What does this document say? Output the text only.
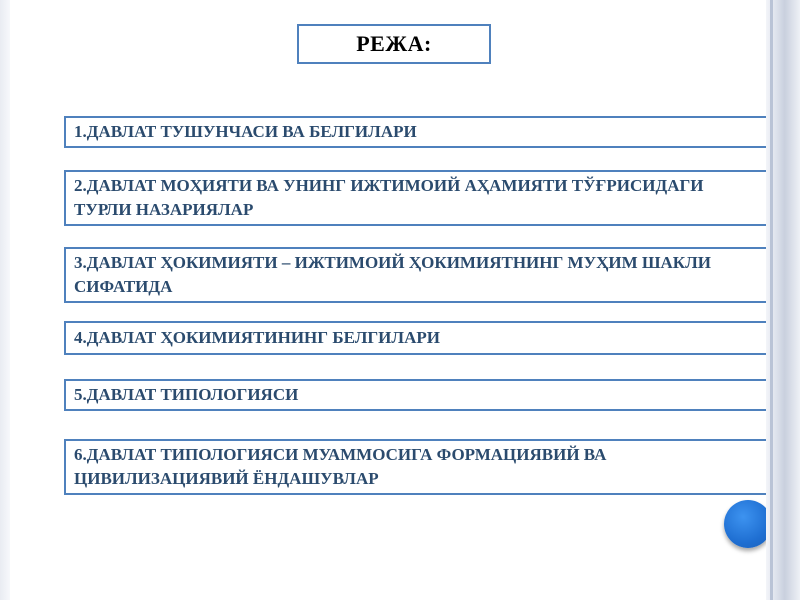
РЕЖА:
1.ДАВЛАТ ТУШУНЧАСИ ВА БЕЛГИЛАРИ
2.ДАВЛАТ МОҲИЯТИ ВА УНИНГ ИЖТИМОИЙ АҲАМИЯТИ ТЎҒРИСИДАГИ ТУРЛИ НАЗАРИЯЛАР
3.ДАВЛАТ ҲОКИМИЯТИ – ИЖТИМОИЙ ҲОКИМИЯТНИНГ МУҲИМ ШАКЛИ СИФАТИДА
4.ДАВЛАТ ҲОКИМИЯТИНИНГ БЕЛГИЛАРИ
5.ДАВЛАТ ТИПОЛОГИЯСИ
6.ДАВЛАТ ТИПОЛОГИЯСИ МУАММОСИГА ФОРМАЦИЯВИЙ ВА ЦИВИЛИЗАЦИЯВИЙ ЁНДАШУВЛАР
